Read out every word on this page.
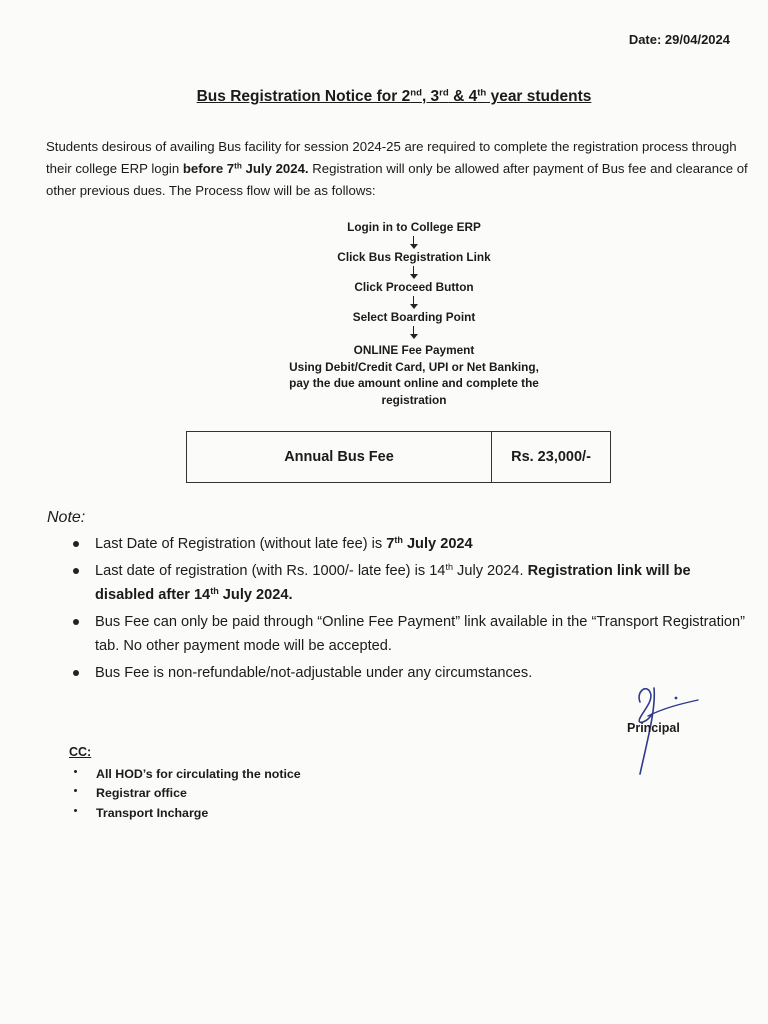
Date: 29/04/2024
Bus Registration Notice for 2nd, 3rd & 4th year students
Students desirous of availing Bus facility for session 2024-25 are required to complete the registration process through their college ERP login before 7th July 2024. Registration will only be allowed after payment of Bus fee and clearance of other previous dues. The Process flow will be as follows:
Login in to College ERP
Click Bus Registration Link
Click Proceed Button
Select Boarding Point
ONLINE Fee Payment
Using Debit/Credit Card, UPI or Net Banking,
pay the due amount online and complete the
registration
Annual Bus Fee	Rs. 23,000/-
Note:
Last Date of Registration (without late fee) is 7th July 2024
Last date of registration (with Rs. 1000/- late fee) is 14th July 2024. Registration link will be disabled after 14th July 2024.
Bus Fee can only be paid through “Online Fee Payment” link available in the “Transport Registration” tab. No other payment mode will be accepted.
Bus Fee is non-refundable/not-adjustable under any circumstances.
Principal
CC:
All HOD’s for circulating the notice
Registrar office
Transport Incharge
